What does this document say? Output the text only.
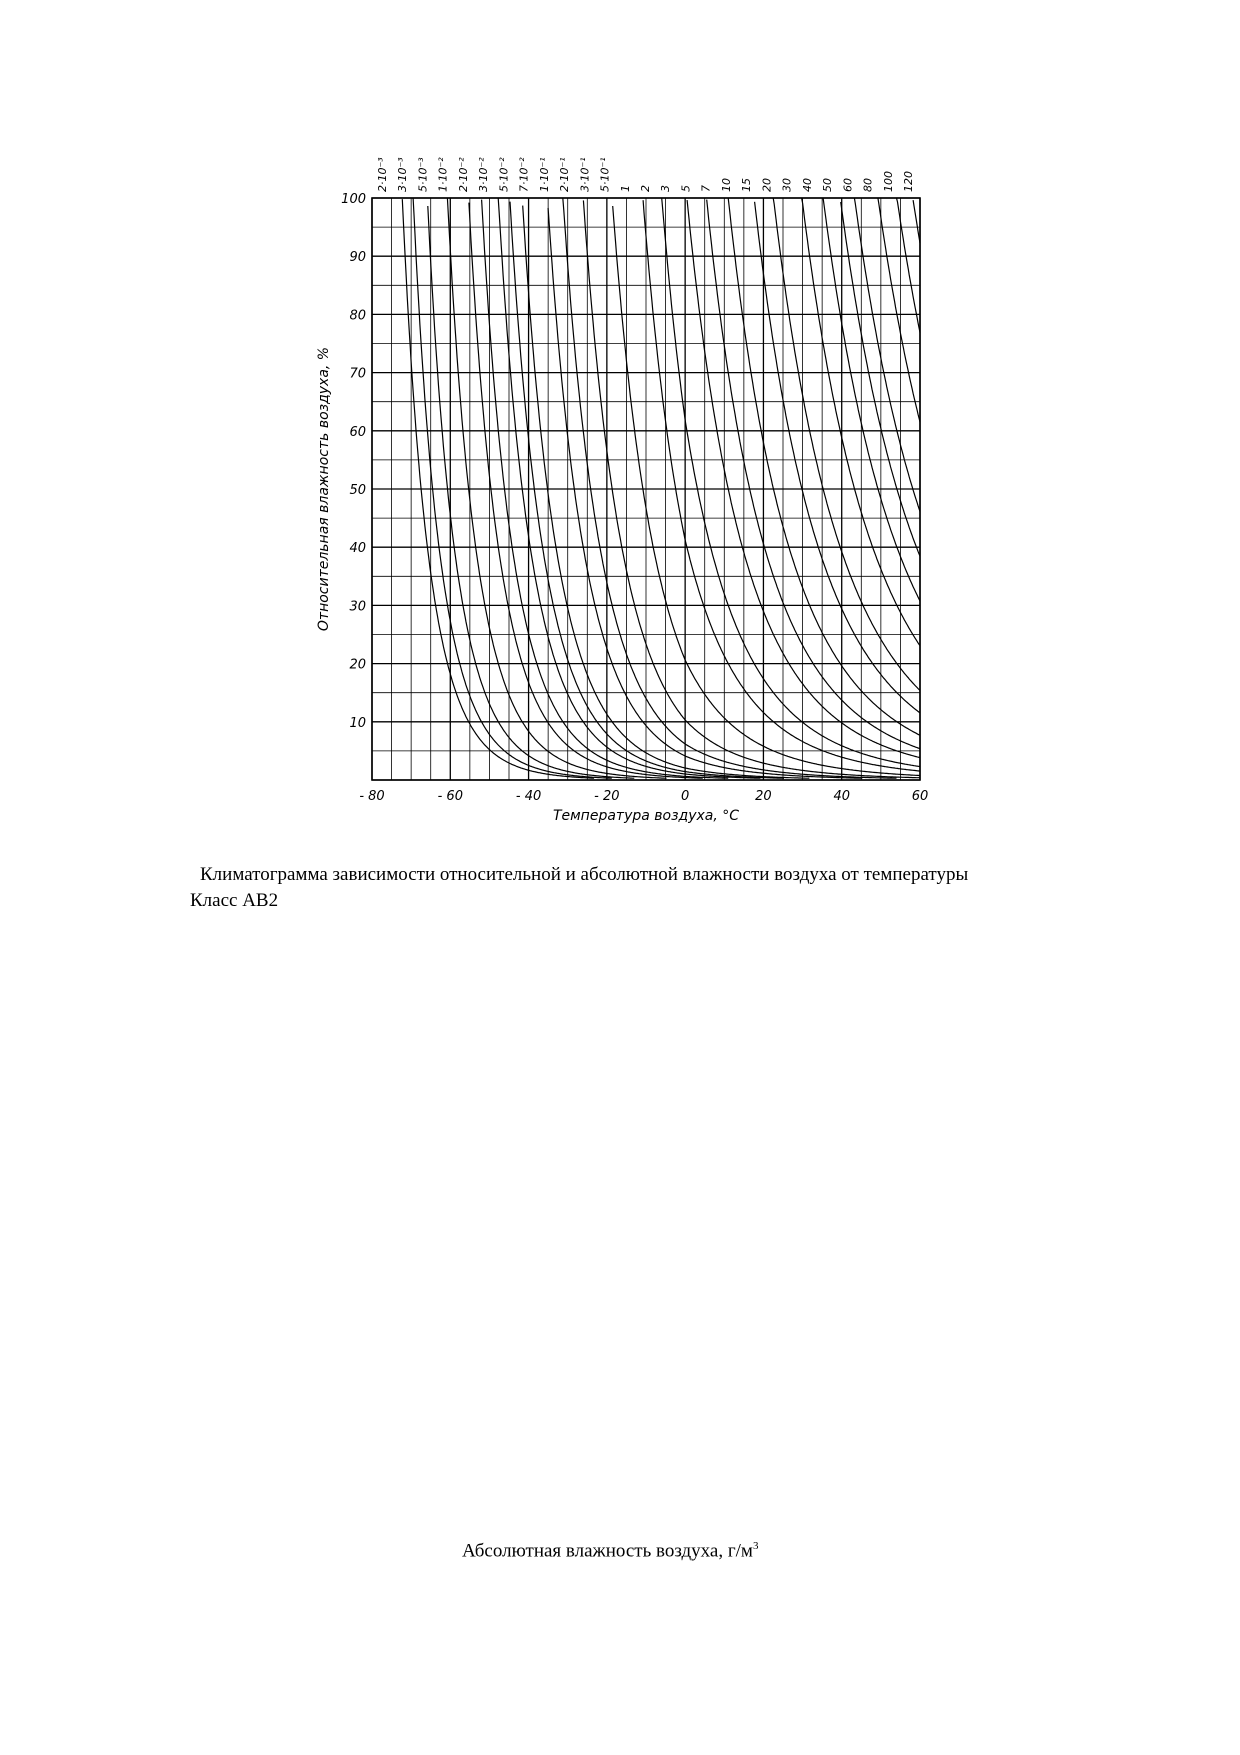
- 80	- 60	- 40	- 20	0	20	40	60
10
20
30
40
50
60
70
80
90
100
2·10⁻³ 3·10⁻³ 5·10⁻³ 1·10⁻² 2·10⁻² 3·10⁻² 5·10⁻² 7·10⁻² 1·10⁻¹ 2·10⁻¹ 3·10⁻¹ 5·10⁻¹ 1 2 3 5 7 10 15 20 30 40 50 60 80 100 120
Температура воздуха, °С
Относительная влажность воздуха, %
Климатограмма зависимости относительной и абсолютной влажности воздуха от температуры
Класс АВ2
Абсолютная влажность воздуха, $г/м^3$
